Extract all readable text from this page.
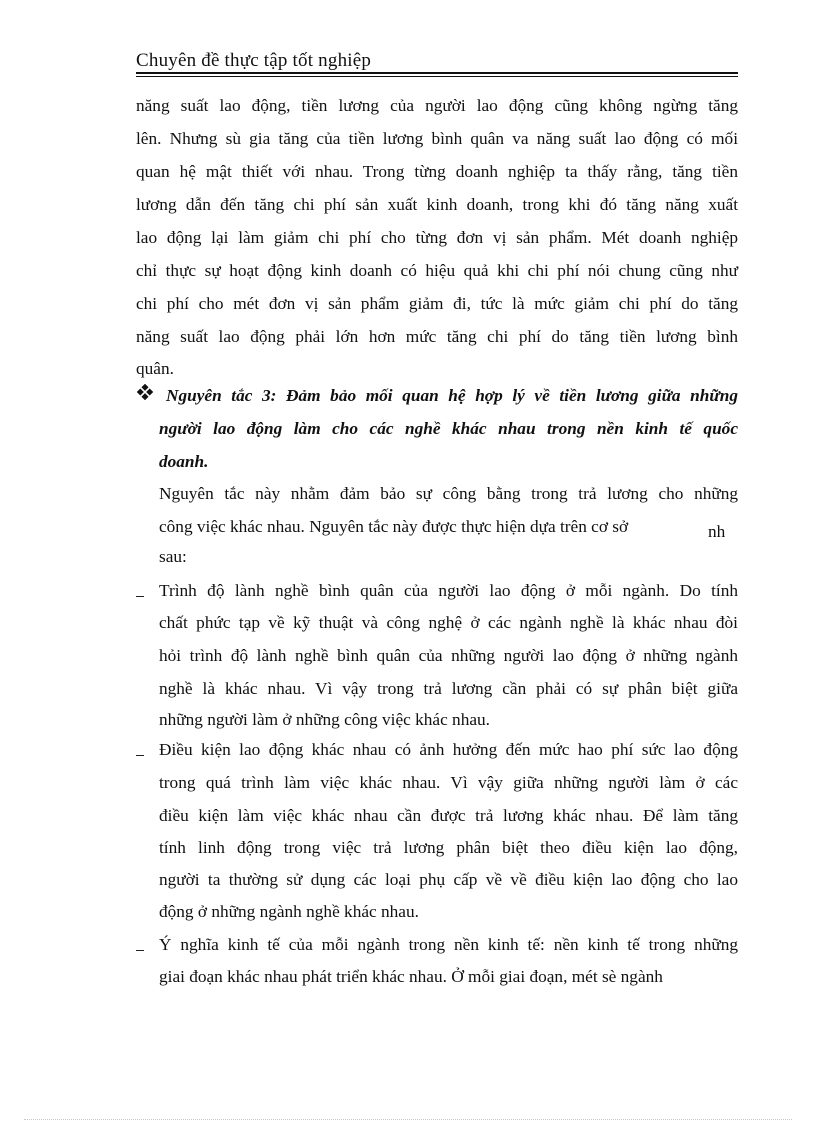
Chuyên đề thực tập tốt nghiệp
năng suất lao động, tiền lương của người lao động cũng không ngừng tăng
lên. Nhưng sù gia tăng của tiền lương bình quân va năng suất lao động có mối
quan hệ mật thiết với nhau. Trong từng doanh nghiệp ta thấy rằng, tăng tiền
lương dẫn đến tăng chi phí sản xuất kinh doanh, trong khi đó tăng năng xuất
lao động lại làm giảm chi phí cho từng đơn vị sản phẩm. Mét doanh nghiệp
chỉ thực sự hoạt động kinh doanh có hiệu quả khi chi phí nói chung cũng như
chi phí cho mét đơn vị sản phẩm giảm đi, tức là mức giảm chi phí do tăng
năng suất lao động phải lớn hơn mức tăng chi phí do tăng tiền lương bình
quân.
Nguyên tắc 3: Đảm bảo mối quan hệ hợp lý về tiền lương giữa những
người lao động làm cho các nghề khác nhau trong nền kinh tế quốc
doanh.
Nguyên tắc này nhằm đảm bảo sự công bằng trong trả lương cho những
công việc khác nhau. Nguyên tắc này được thực hiện dựa trên cơ sở	nh
sau:
Trình độ lành nghề bình quân của người lao động ở mỗi ngành. Do tính
chất phức tạp về kỹ thuật và công nghệ ở các ngành nghề là khác nhau đòi
hỏi trình độ lành nghề bình quân của những người lao động ở những ngành
nghề là khác nhau. Vì vậy trong trả lương cần phải có sự phân biệt giữa
những người làm ở những công việc khác nhau.
Điều kiện lao động khác nhau có ảnh hưởng đến mức hao phí sức lao động
trong quá trình làm việc khác nhau. Vì vậy giữa những người làm ở các
điều kiện làm việc khác nhau cần được trả lương khác nhau. Để làm tăng
tính linh động trong việc trả lương phân biệt theo điều kiện lao động,
người ta thường sử dụng các loại phụ cấp về về điều kiện lao động cho lao
động ở những ngành nghề khác nhau.
Ý nghĩa kinh tế của mỗi ngành trong nền kinh tế: nền kinh tế trong những
giai đoạn khác nhau phát triển khác nhau. Ở mỗi giai đoạn, mét sè ngành
